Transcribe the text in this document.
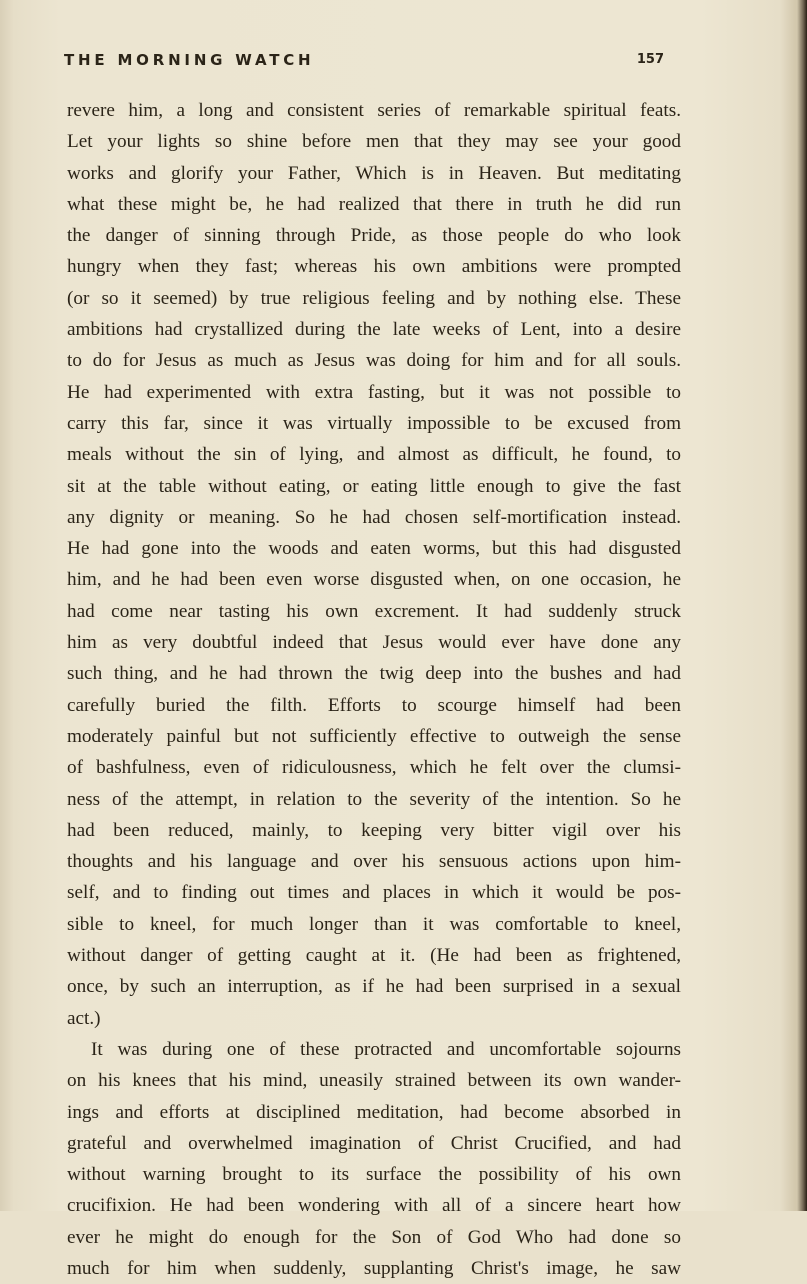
THE MORNING WATCH	157
revere him, a long and consistent series of remarkable spiritual feats.
Let your lights so shine before men that they may see your good
works and glorify your Father, Which is in Heaven. But meditating
what these might be, he had realized that there in truth he did run
the danger of sinning through Pride, as those people do who look
hungry when they fast; whereas his own ambitions were prompted
(or so it seemed) by true religious feeling and by nothing else. These
ambitions had crystallized during the late weeks of Lent, into a desire
to do for Jesus as much as Jesus was doing for him and for all souls.
He had experimented with extra fasting, but it was not possible to
carry this far, since it was virtually impossible to be excused from
meals without the sin of lying, and almost as difficult, he found, to
sit at the table without eating, or eating little enough to give the fast
any dignity or meaning. So he had chosen self-mortification instead.
He had gone into the woods and eaten worms, but this had disgusted
him, and he had been even worse disgusted when, on one occasion, he
had come near tasting his own excrement. It had suddenly struck
him as very doubtful indeed that Jesus would ever have done any
such thing, and he had thrown the twig deep into the bushes and had
carefully buried the filth. Efforts to scourge himself had been
moderately painful but not sufficiently effective to outweigh the sense
of bashfulness, even of ridiculousness, which he felt over the clumsi-
ness of the attempt, in relation to the severity of the intention. So he
had been reduced, mainly, to keeping very bitter vigil over his
thoughts and his language and over his sensuous actions upon him-
self, and to finding out times and places in which it would be pos-
sible to kneel, for much longer than it was comfortable to kneel,
without danger of getting caught at it. (He had been as frightened,
once, by such an interruption, as if he had been surprised in a sexual
act.)
It was during one of these protracted and uncomfortable sojourns
on his knees that his mind, uneasily strained between its own wander-
ings and efforts at disciplined meditation, had become absorbed in
grateful and overwhelmed imagination of Christ Crucified, and had
without warning brought to its surface the possibility of his own
crucifixion. He had been wondering with all of a sincere heart how
ever he might do enough for the Son of God Who had done so
much for him when suddenly, supplanting Christ's image, he saw
